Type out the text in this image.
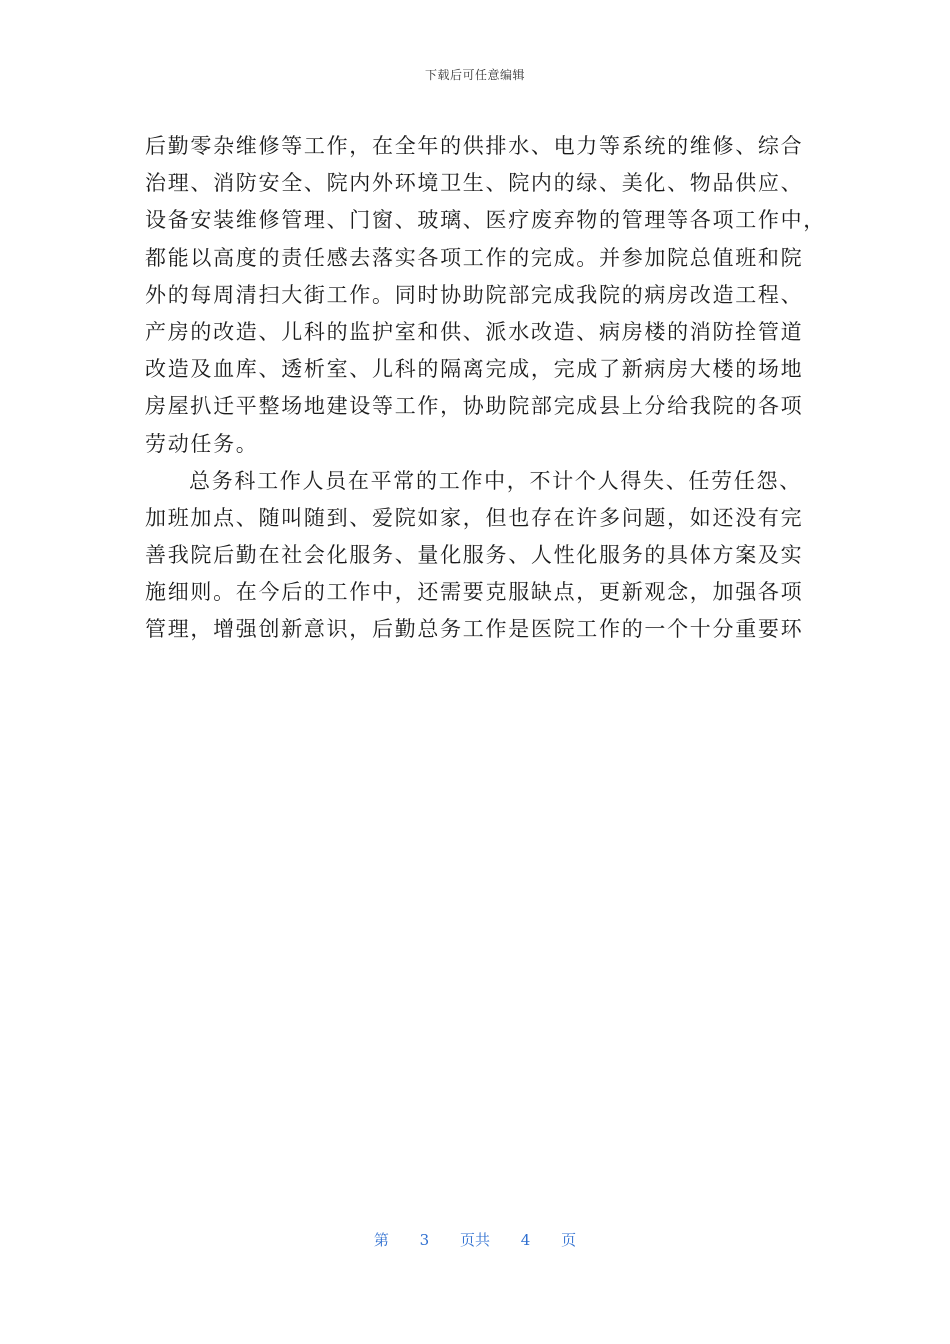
下载后可任意编辑
后勤零杂维修等工作，在全年的供排水、电力等系统的维修、综合
治理、消防安全、院内外环境卫生、院内的绿、美化、物品供应、
设备安装维修管理、门窗、玻璃、医疗废弃物的管理等各项工作中，
都能以高度的责任感去落实各项工作的完成。并参加院总值班和院
外的每周清扫大街工作。同时协助院部完成我院的病房改造工程、
产房的改造、儿科的监护室和供、派水改造、病房楼的消防拴管道
改造及血库、透析室、儿科的隔离完成，完成了新病房大楼的场地
房屋扒迁平整场地建设等工作，协助院部完成县上分给我院的各项
劳动任务。
总务科工作人员在平常的工作中，不计个人得失、任劳任怨、
加班加点、随叫随到、爱院如家，但也存在许多问题，如还没有完
善我院后勤在社会化服务、量化服务、人性化服务的具体方案及实
施细则。在今后的工作中，还需要克服缺点，更新观念，加强各项
管理，增强创新意识，后勤总务工作是医院工作的一个十分重要环
第 3 页共 4 页
